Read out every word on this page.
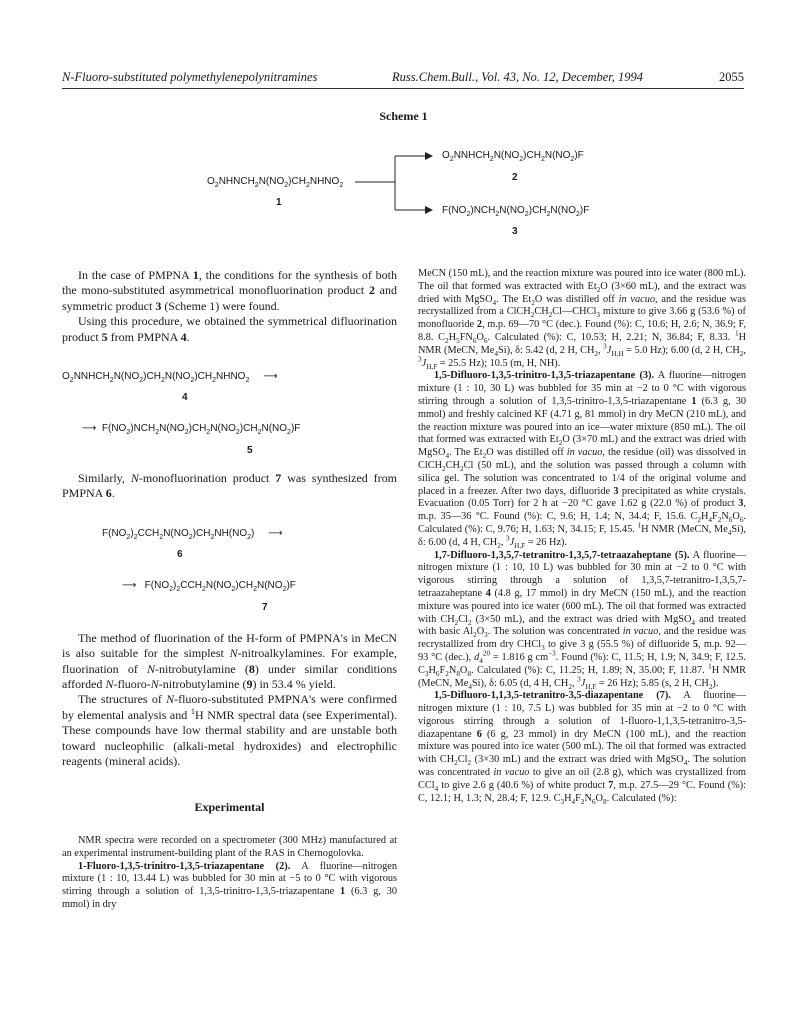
N-Fluoro-substituted polymethylenepolynitramines	Russ.Chem.Bull., Vol. 43, No. 12, December, 1994	2055
Scheme 1
$O_2NHNCH_2N(NO_2)CH_2NHNO_2$
1
$O_2NNHCH_2N(NO_2)CH_2N(NO_2)F$
2
$F(NO_2)NCH_2N(NO_2)CH_2N(NO_2)F$
3

In the case of PMPNA 1, the conditions for the synthesis of both the mono-substituted asymmetrical monofluorination product 2 and symmetric product 3 (Scheme 1) were found.

Using this procedure, we obtained the symmetrical difluorination product 5 from PMPNA 4.

$O_2NNHCH_2N(NO_2)CH_2N(NO_2)CH_2NHNO_2$     ⟶
4
⟶  $F(NO_2)NCH_2N(NO_2)CH_2N(NO_2)CH_2N(NO_2)F$
5

Similarly, N-monofluorination product 7 was synthesized from PMPNA 6.

$F(NO_2)_2CCH_2N(NO_2)CH_2NH(NO_2)$     ⟶
6
⟶   $F(NO_2)_2CCH_2N(NO_2)CH_2N(NO_2)F$
7

The method of fluorination of the H-form of PMPNA's in MeCN is also suitable for the simplest N-nitroalkylamines. For example, fluorination of N-nitrobutylamine (8) under similar conditions afforded N-fluoro-N-nitrobutylamine (9) in 53.4 % yield.

The structures of N-fluoro-substituted PMPNA's were confirmed by elemental analysis and $^1$H NMR spectral data (see Experimental). These compounds have low thermal stability and are unstable both toward nucleophilic (alkali-metal hydroxides) and electrophilic reagents (mineral acids).

Experimental

NMR spectra were recorded on a spectrometer (300 MHz) manufactured at an experimental instrument-building plant of the RAS in Chernogolovka.

1-Fluoro-1,3,5-trinitro-1,3,5-triazapentane (2). A fluorine—nitrogen mixture (1 : 10, 13.44 L) was bubbled for 30 min at −5 to 0 °C with vigorous stirring through a solution of 1,3,5-trinitro-1,3,5-triazapentane 1 (6.3 g, 30 mmol) in dry

MeCN (150 mL), and the reaction mixture was poured into ice water (800 mL). The oil that formed was extracted with $Et_2O$ (3×60 mL), and the extract was dried with MgSO$_4$. The $Et_2O$ was distilled off in vacuo, and the residue was recrystallized from a $ClCH_2CH_2Cl—CHCl_3$ mixture to give 3.66 g (53.6 %) of monofluoride 2, m.p. 69—70 °C (dec.). Found (%): C, 10.6; H, 2.6; N, 36.9; F, 8.8. $C_2H_5FN_6O_6$. Calculated (%): C, 10.53; H, 2.21; N, 36.84; F, 8.33. $^1$H NMR (MeCN, $Me_4Si$), δ: 5.42 (d, 2 H, $CH_2$, $^3J_{H,H} = 5.0$ Hz); 6.00 (d, 2 H, $CH_2$, $^3J_{H,F} = 25.5$ Hz); 10.5 (m, H, NH).

1,5-Difluoro-1,3,5-trinitro-1,3,5-triazapentane (3). A fluorine—nitrogen mixture (1 : 10, 30 L) was bubbled for 35 min at −2 to 0 °C with vigorous stirring through a solution of 1,3,5-trinitro-1,3,5-triazapentane 1 (6.3 g, 30 mmol) and freshly calcined KF (4.71 g, 81 mmol) in dry MeCN (210 mL), and the reaction mixture was poured into an ice—water mixture (850 mL). The oil that formed was extracted with $Et_2O$ (3×70 mL) and the extract was dried with MgSO$_4$. The $Et_2O$ was distilled off in vacuo, the residue (oil) was dissolved in $ClCH_2CH_2Cl$ (50 mL), and the solution was passed through a column with silica gel. The solution was concentrated to 1/4 of the original volume and placed in a freezer. After two days, difluoride 3 precipitated as white crystals. Evacuation (0.05 Torr) for 2 h at −20 °C gave 1.62 g (22.0 %) of product 3, m.p. 35—36 °C. Found (%): C, 9.6; H, 1.4; N, 34.4; F, 15.6. $C_2H_4F_2N_6O_6$. Calculated (%): C, 9.76; H, 1.63; N, 34.15; F, 15.45. $^1$H NMR (MeCN, $Me_4Si$), δ: 6.00 (d, 4 H, $CH_2$, $^3J_{H,F} = 26$ Hz).

1,7-Difluoro-1,3,5,7-tetranitro-1,3,5,7-tetraazaheptane (5). A fluorine—nitrogen mixture (1 : 10, 10 L) was bubbled for 30 min at −2 to 0 °C with vigorous stirring through a solution of 1,3,5,7-tetranitro-1,3,5,7-tetraazaheptane 4 (4.8 g, 17 mmol) in dry MeCN (150 mL), and the reaction mixture was poured into ice water (600 mL). The oil that formed was extracted with $CH_2Cl_2$ (3×50 mL), and the extract was dried with MgSO$_4$ and treated with basic $Al_2O_3$. The solution was concentrated in vacuo, and the residue was recrystallized from dry CHCl$_3$ to give 3 g (55.5 %) of difluoride 5, m.p. 92—93 °C (dec.), $d_4^{20} = 1.816$ g $cm^{-3}$. Found (%): C, 11.5; H, 1.9; N, 34.9; F, 12.5. $C_3H_6F_2N_8O_8$. Calculated (%): C, 11.25; H, 1.89; N, 35.00; F, 11.87. $^1$H NMR (MeCN, $Me_4Si$), δ: 6.05 (d, 4 H, $CH_2$, $^3J_{H,F} = 26$ Hz); 5.85 (s, 2 H, $CH_2$).

1,5-Difluoro-1,1,3,5-tetranitro-3,5-diazapentane (7). A fluorine—nitrogen mixture (1 : 10, 7.5 L) was bubbled for 35 min at −2 to 0 °C with vigorous stirring through a solution of 1-fluoro-1,1,3,5-tetranitro-3,5-diazapentane 6 (6 g, 23 mmol) in dry MeCN (100 mL), and the reaction mixture was poured into ice water (500 mL). The oil that formed was extracted with $CH_2Cl_2$ (3×30 mL) and the extract was dried with MgSO$_4$. The solution was concentrated in vacuo to give an oil (2.8 g), which was crystallized from CCl$_4$ to give 2.6 g (40.6 %) of white product 7, m.p. 27.5—29 °C. Found (%): C, 12.1; H, 1.3; N, 28.4; F, 12.9. $C_3H_4F_2N_6O_8$. Calculated (%):
